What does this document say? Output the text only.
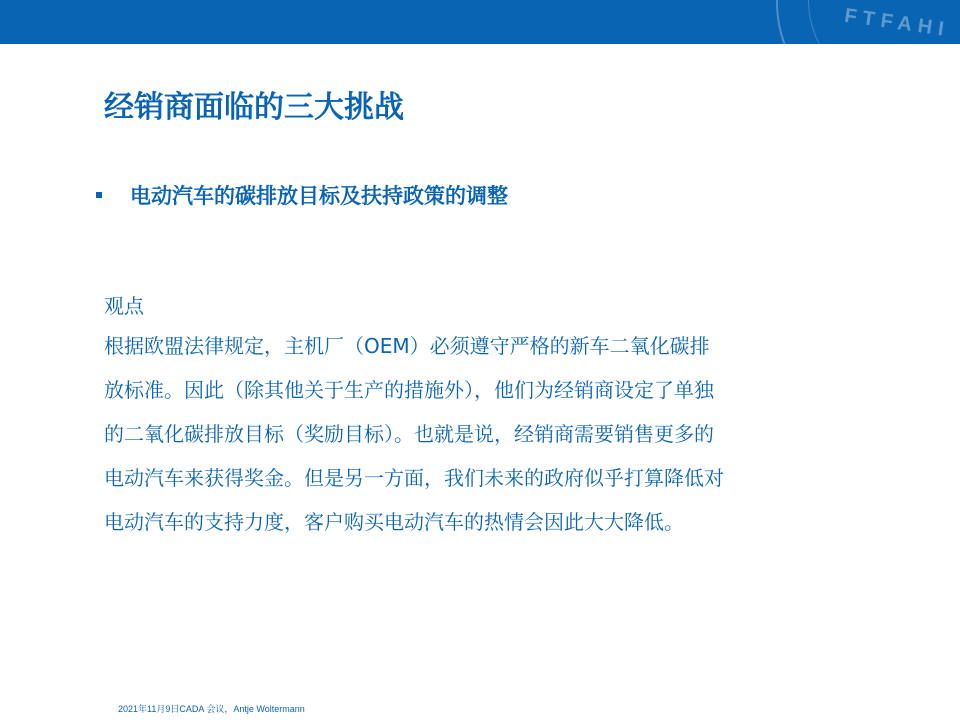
FTFAHI
经销商面临的三大挑战
电动汽车的碳排放目标及扶持政策的调整

观点

根据欧盟法律规定，主机厂（OEM）必须遵守严格的新车二氧化碳排

放标准。因此（除其他关于生产的措施外），他们为经销商设定了单独

的二氧化碳排放目标（奖励目标）。也就是说，经销商需要销售更多的

电动汽车来获得奖金。但是另一方面，我们未来的政府似乎打算降低对

电动汽车的支持力度，客户购买电动汽车的热情会因此大大降低。

2021年11月9日CADA 会议，Antje Woltermann
